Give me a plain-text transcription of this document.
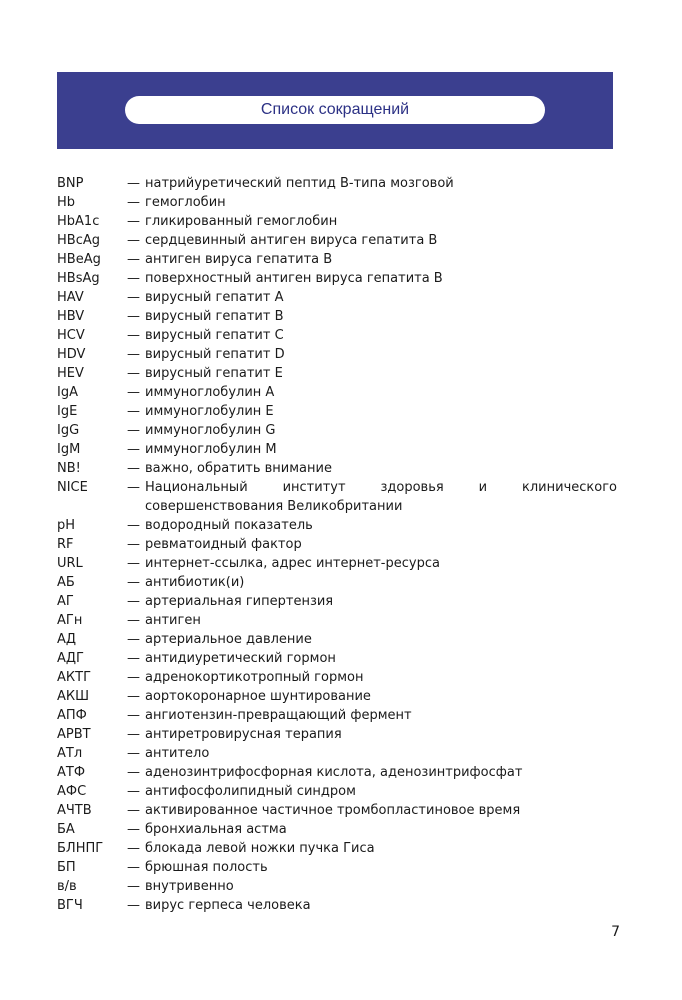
Список сокращений
BNP	— натрийуретический пептид В-типа мозговой
Hb	— гемоглобин
HbA1c	— гликированный гемоглобин
HBcAg	— сердцевинный антиген вируса гепатита В
HBeAg	— антиген вируса гепатита В
HBsAg	— поверхностный антиген вируса гепатита В
HAV	— вирусный гепатит А
HBV	— вирусный гепатит В
HCV	— вирусный гепатит С
HDV	— вирусный гепатит D
HEV	— вирусный гепатит Е
IgA	— иммуноглобулин А
IgE	— иммуноглобулин Е
IgG	— иммуноглобулин G
IgM	— иммуноглобулин М
NB!	— важно, обратить внимание
NICE	— Национальный институт здоровья и клинического совершенствования Великобритании
pH	— водородный показатель
RF	— ревматоидный фактор
URL	— интернет-ссылка, адрес интернет-ресурса
АБ	— антибиотик(и)
АГ	— артериальная гипертензия
АГн	— антиген
АД	— артериальное давление
АДГ	— антидиуретический гормон
АКТГ	— адренокортикотропный гормон
АКШ	— аортокоронарное шунтирование
АПФ	— ангиотензин-превращающий фермент
АРВТ	— антиретровирусная терапия
АТл	— антитело
АТФ	— аденозинтрифосфорная кислота, аденозинтрифосфат
АФС	— антифосфолипидный синдром
АЧТВ	— активированное частичное тромбопластиновое время
БА	— бронхиальная астма
БЛНПГ	— блокада левой ножки пучка Гиса
БП	— брюшная полость
в/в	— внутривенно
ВГЧ	— вирус герпеса человека
7
